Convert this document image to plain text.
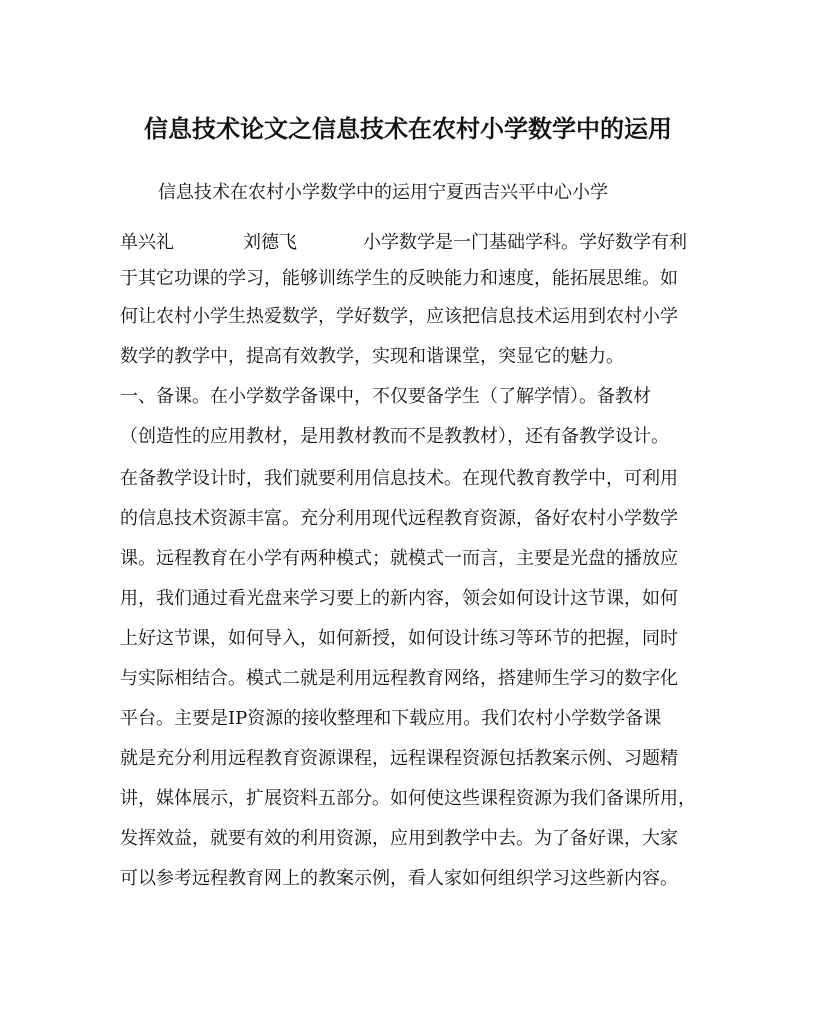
信息技术论文之信息技术在农村小学数学中的运用
信息技术在农村小学数学中的运用宁夏西吉兴平中心小学
单兴礼	刘德飞	小学数学是一门基础学科。学好数学有利
于其它功课的学习，能够训练学生的反映能力和速度，能拓展思维。如
何让农村小学生热爱数学，学好数学，应该把信息技术运用到农村小学
数学的教学中，提高有效教学，实现和谐课堂，突显它的魅力。
一、备课。在小学数学备课中，不仅要备学生（了解学情）。备教材
（创造性的应用教材，是用教材教而不是教教材），还有备教学设计。
在备教学设计时，我们就要利用信息技术。在现代教育教学中，可利用
的信息技术资源丰富。充分利用现代远程教育资源，备好农村小学数学
课。远程教育在小学有两种模式；就模式一而言，主要是光盘的播放应
用，我们通过看光盘来学习要上的新内容，领会如何设计这节课，如何
上好这节课，如何导入，如何新授，如何设计练习等环节的把握，同时
与实际相结合。模式二就是利用远程教育网络，搭建师生学习的数字化
平台。主要是IP资源的接收整理和下载应用。我们农村小学数学备课
就是充分利用远程教育资源课程，远程课程资源包括教案示例、习题精
讲，媒体展示，扩展资料五部分。如何使这些课程资源为我们备课所用，
发挥效益，就要有效的利用资源，应用到教学中去。为了备好课，大家
可以参考远程教育网上的教案示例，看人家如何组织学习这些新内容。
